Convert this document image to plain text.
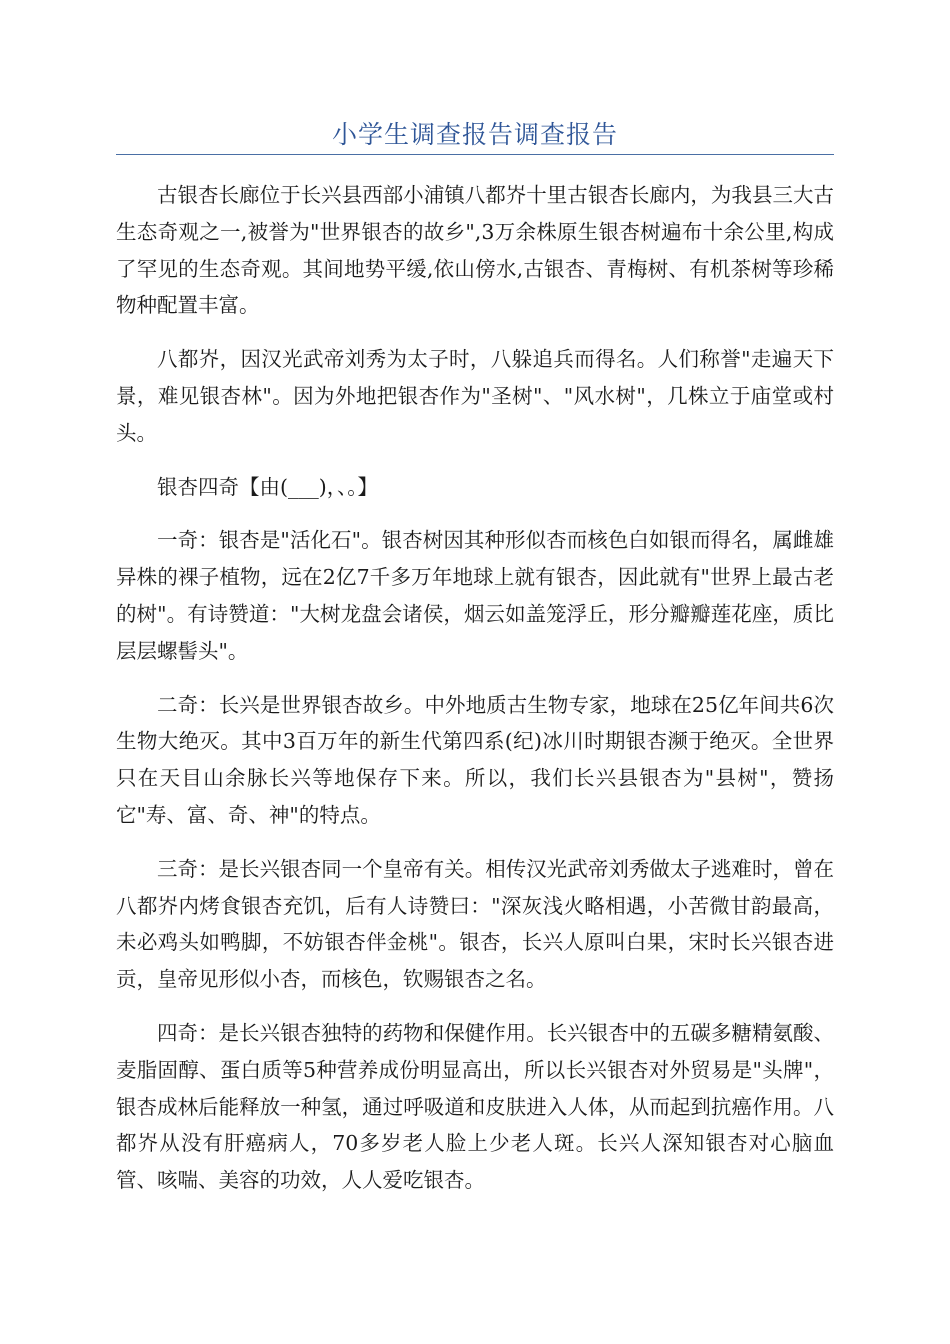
小学生调查报告调查报告

古银杏长廊位于长兴县西部小浦镇八都岕十里古银杏长廊内，为我县三大古生态奇观之一,被誉为"世界银杏的故乡",3万余株原生银杏树遍布十余公里,构成了罕见的生态奇观。其间地势平缓,依山傍水,古银杏、青梅树、有机茶树等珍稀物种配置丰富。

八都岕，因汉光武帝刘秀为太子时，八躲追兵而得名。人们称誉"走遍天下景，难见银杏林"。因为外地把银杏作为"圣树"、"风水树"，几株立于庙堂或村头。

银杏四奇【由(___)，、。】

一奇：银杏是"活化石"。银杏树因其种形似杏而核色白如银而得名，属雌雄异株的裸子植物，远在2亿7千多万年地球上就有银杏，因此就有"世界上最古老的树"。有诗赞道："大树龙盘会诸侯，烟云如盖笼浮丘，形分瓣瓣莲花座，质比层层螺髻头"。

二奇：长兴是世界银杏故乡。中外地质古生物专家，地球在25亿年间共6次生物大绝灭。其中3百万年的新生代第四系(纪)冰川时期银杏濒于绝灭。全世界只在天目山余脉长兴等地保存下来。所以，我们长兴县银杏为"县树"，赞扬它"寿、富、奇、神"的特点。

三奇：是长兴银杏同一个皇帝有关。相传汉光武帝刘秀做太子逃难时，曾在八都岕内烤食银杏充饥，后有人诗赞曰："深灰浅火略相遇，小苦微甘韵最高，未必鸡头如鸭脚，不妨银杏伴金桃"。银杏，长兴人原叫白果，宋时长兴银杏进贡，皇帝见形似小杏，而核色，钦赐银杏之名。

四奇：是长兴银杏独特的药物和保健作用。长兴银杏中的五碳多糖精氨酸、麦脂固醇、蛋白质等5种营养成份明显高出，所以长兴银杏对外贸易是"头牌"，银杏成林后能释放一种氢，通过呼吸道和皮肤进入人体，从而起到抗癌作用。八都岕从没有肝癌病人，70多岁老人脸上少老人斑。长兴人深知银杏对心脑血管、咳喘、美容的功效，人人爱吃银杏。
